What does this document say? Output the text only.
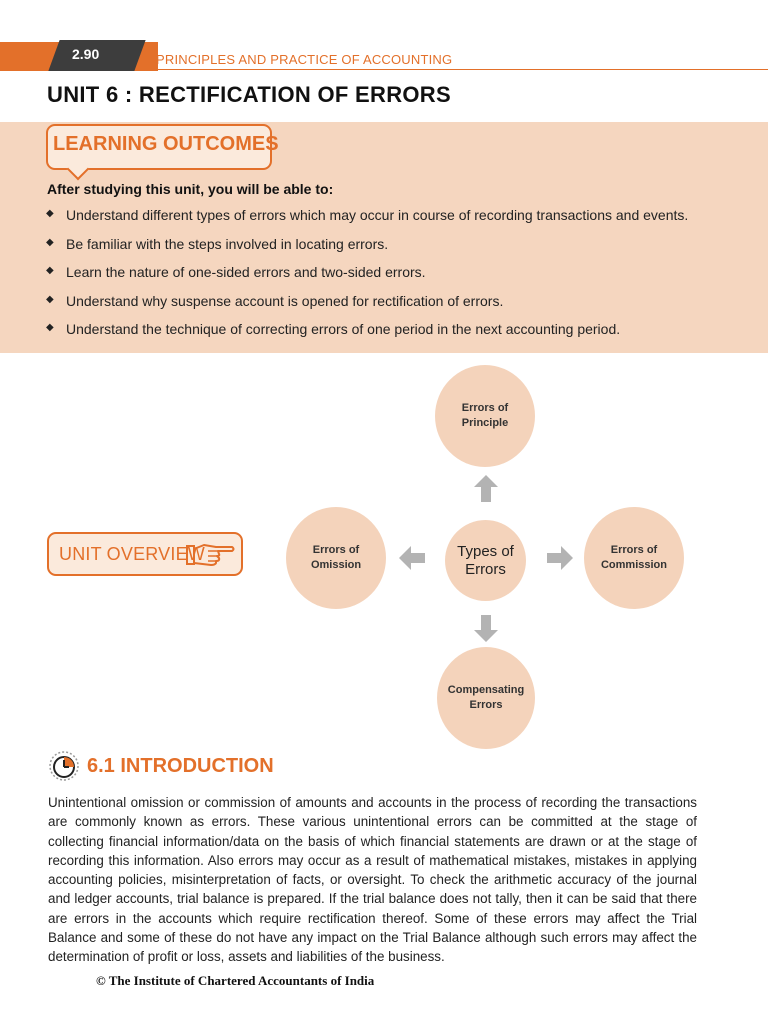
2.90	PRINCIPLES AND PRACTICE OF ACCOUNTING
UNIT 6 : RECTIFICATION OF ERRORS
LEARNING OUTCOMES
After studying this unit, you will be able to:
◆ Understand different types of errors which may occur in course of recording transactions and events.
◆ Be familiar with the steps involved in locating errors.
◆ Learn the nature of one-sided errors and two-sided errors.
◆ Understand why suspense account is opened for rectification of errors.
◆ Understand the technique of correcting errors of one period in the next accounting period.
UNIT OVERVIEW
Errors of
Principle
Errors of
Omission
Errors of
Commission
Compensating
Errors
Types of
Errors
6.1 INTRODUCTION

Unintentional omission or commission of amounts and accounts in the process of recording the transactions are commonly known as errors. These various unintentional errors can be committed at the stage of collecting financial information/data on the basis of which financial statements are drawn or at the stage of recording this information. Also errors may occur as a result of mathematical mistakes, mistakes in applying accounting policies, misinterpretation of facts, or oversight. To check the arithmetic accuracy of the journal and ledger accounts, trial balance is prepared. If the trial balance does not tally, then it can be said that there are errors in the accounts which require rectification thereof. Some of these errors may affect the Trial Balance and some of these do not have any impact on the Trial Balance although such errors may affect the determination of profit or loss, assets and liabilities of the business.

© The Institute of Chartered Accountants of India
